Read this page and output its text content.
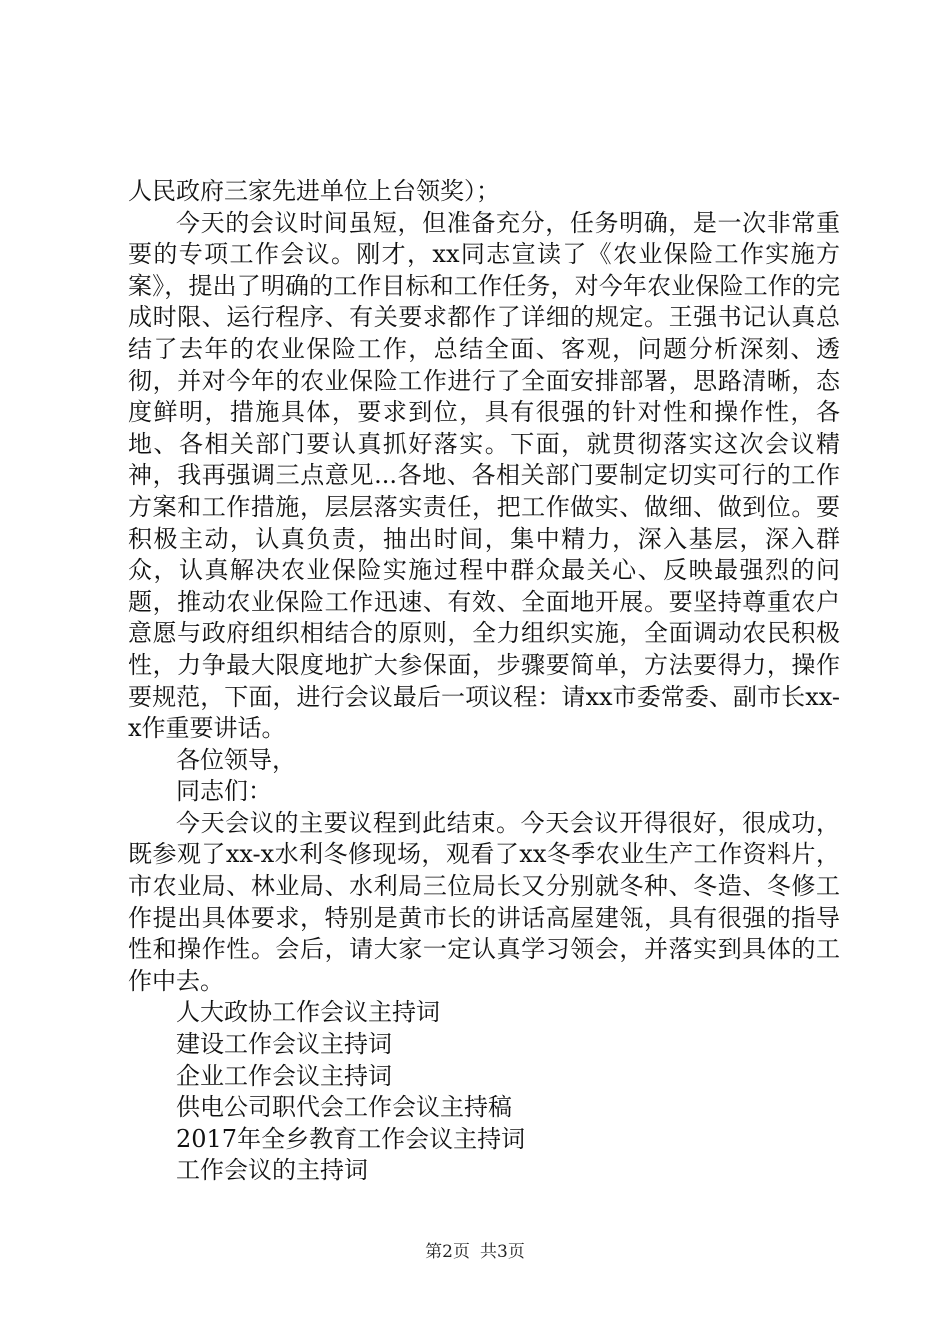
人民政府三家先进单位上台领奖）；

今天的会议时间虽短，但准备充分，任务明确，是一次非常重要的专项工作会议。刚才，xx同志宣读了《农业保险工作实施方案》，提出了明确的工作目标和工作任务，对今年农业保险工作的完成时限、运行程序、有关要求都作了详细的规定。王强书记认真总结了去年的农业保险工作，总结全面、客观，问题分析深刻、透彻，并对今年的农业保险工作进行了全面安排部署，思路清晰，态度鲜明，措施具体，要求到位，具有很强的针对性和操作性，各地、各相关部门要认真抓好落实。下面，就贯彻落实这次会议精神，我再强调三点意见...各地、各相关部门要制定切实可行的工作方案和工作措施，层层落实责任，把工作做实、做细、做到位。要积极主动，认真负责，抽出时间，集中精力，深入基层，深入群众，认真解决农业保险实施过程中群众最关心、反映最强烈的问题，推动农业保险工作迅速、有效、全面地开展。要坚持尊重农户意愿与政府组织相结合的原则，全力组织实施，全面调动农民积极性，力争最大限度地扩大参保面，步骤要简单，方法要得力，操作要规范，下面，进行会议最后一项议程：请xx市委常委、副市长xx-x作重要讲话。

各位领导，

同志们：

今天会议的主要议程到此结束。今天会议开得很好，很成功，既参观了xx-x水利冬修现场，观看了xx冬季农业生产工作资料片，市农业局、林业局、水利局三位局长又分别就冬种、冬造、冬修工作提出具体要求，特别是黄市长的讲话高屋建瓴，具有很强的指导性和操作性。会后，请大家一定认真学习领会，并落实到具体的工作中去。

人大政协工作会议主持词

建设工作会议主持词

企业工作会议主持词

供电公司职代会工作会议主持稿

2017年全乡教育工作会议主持词

工作会议的主持词

第2页 共3页
